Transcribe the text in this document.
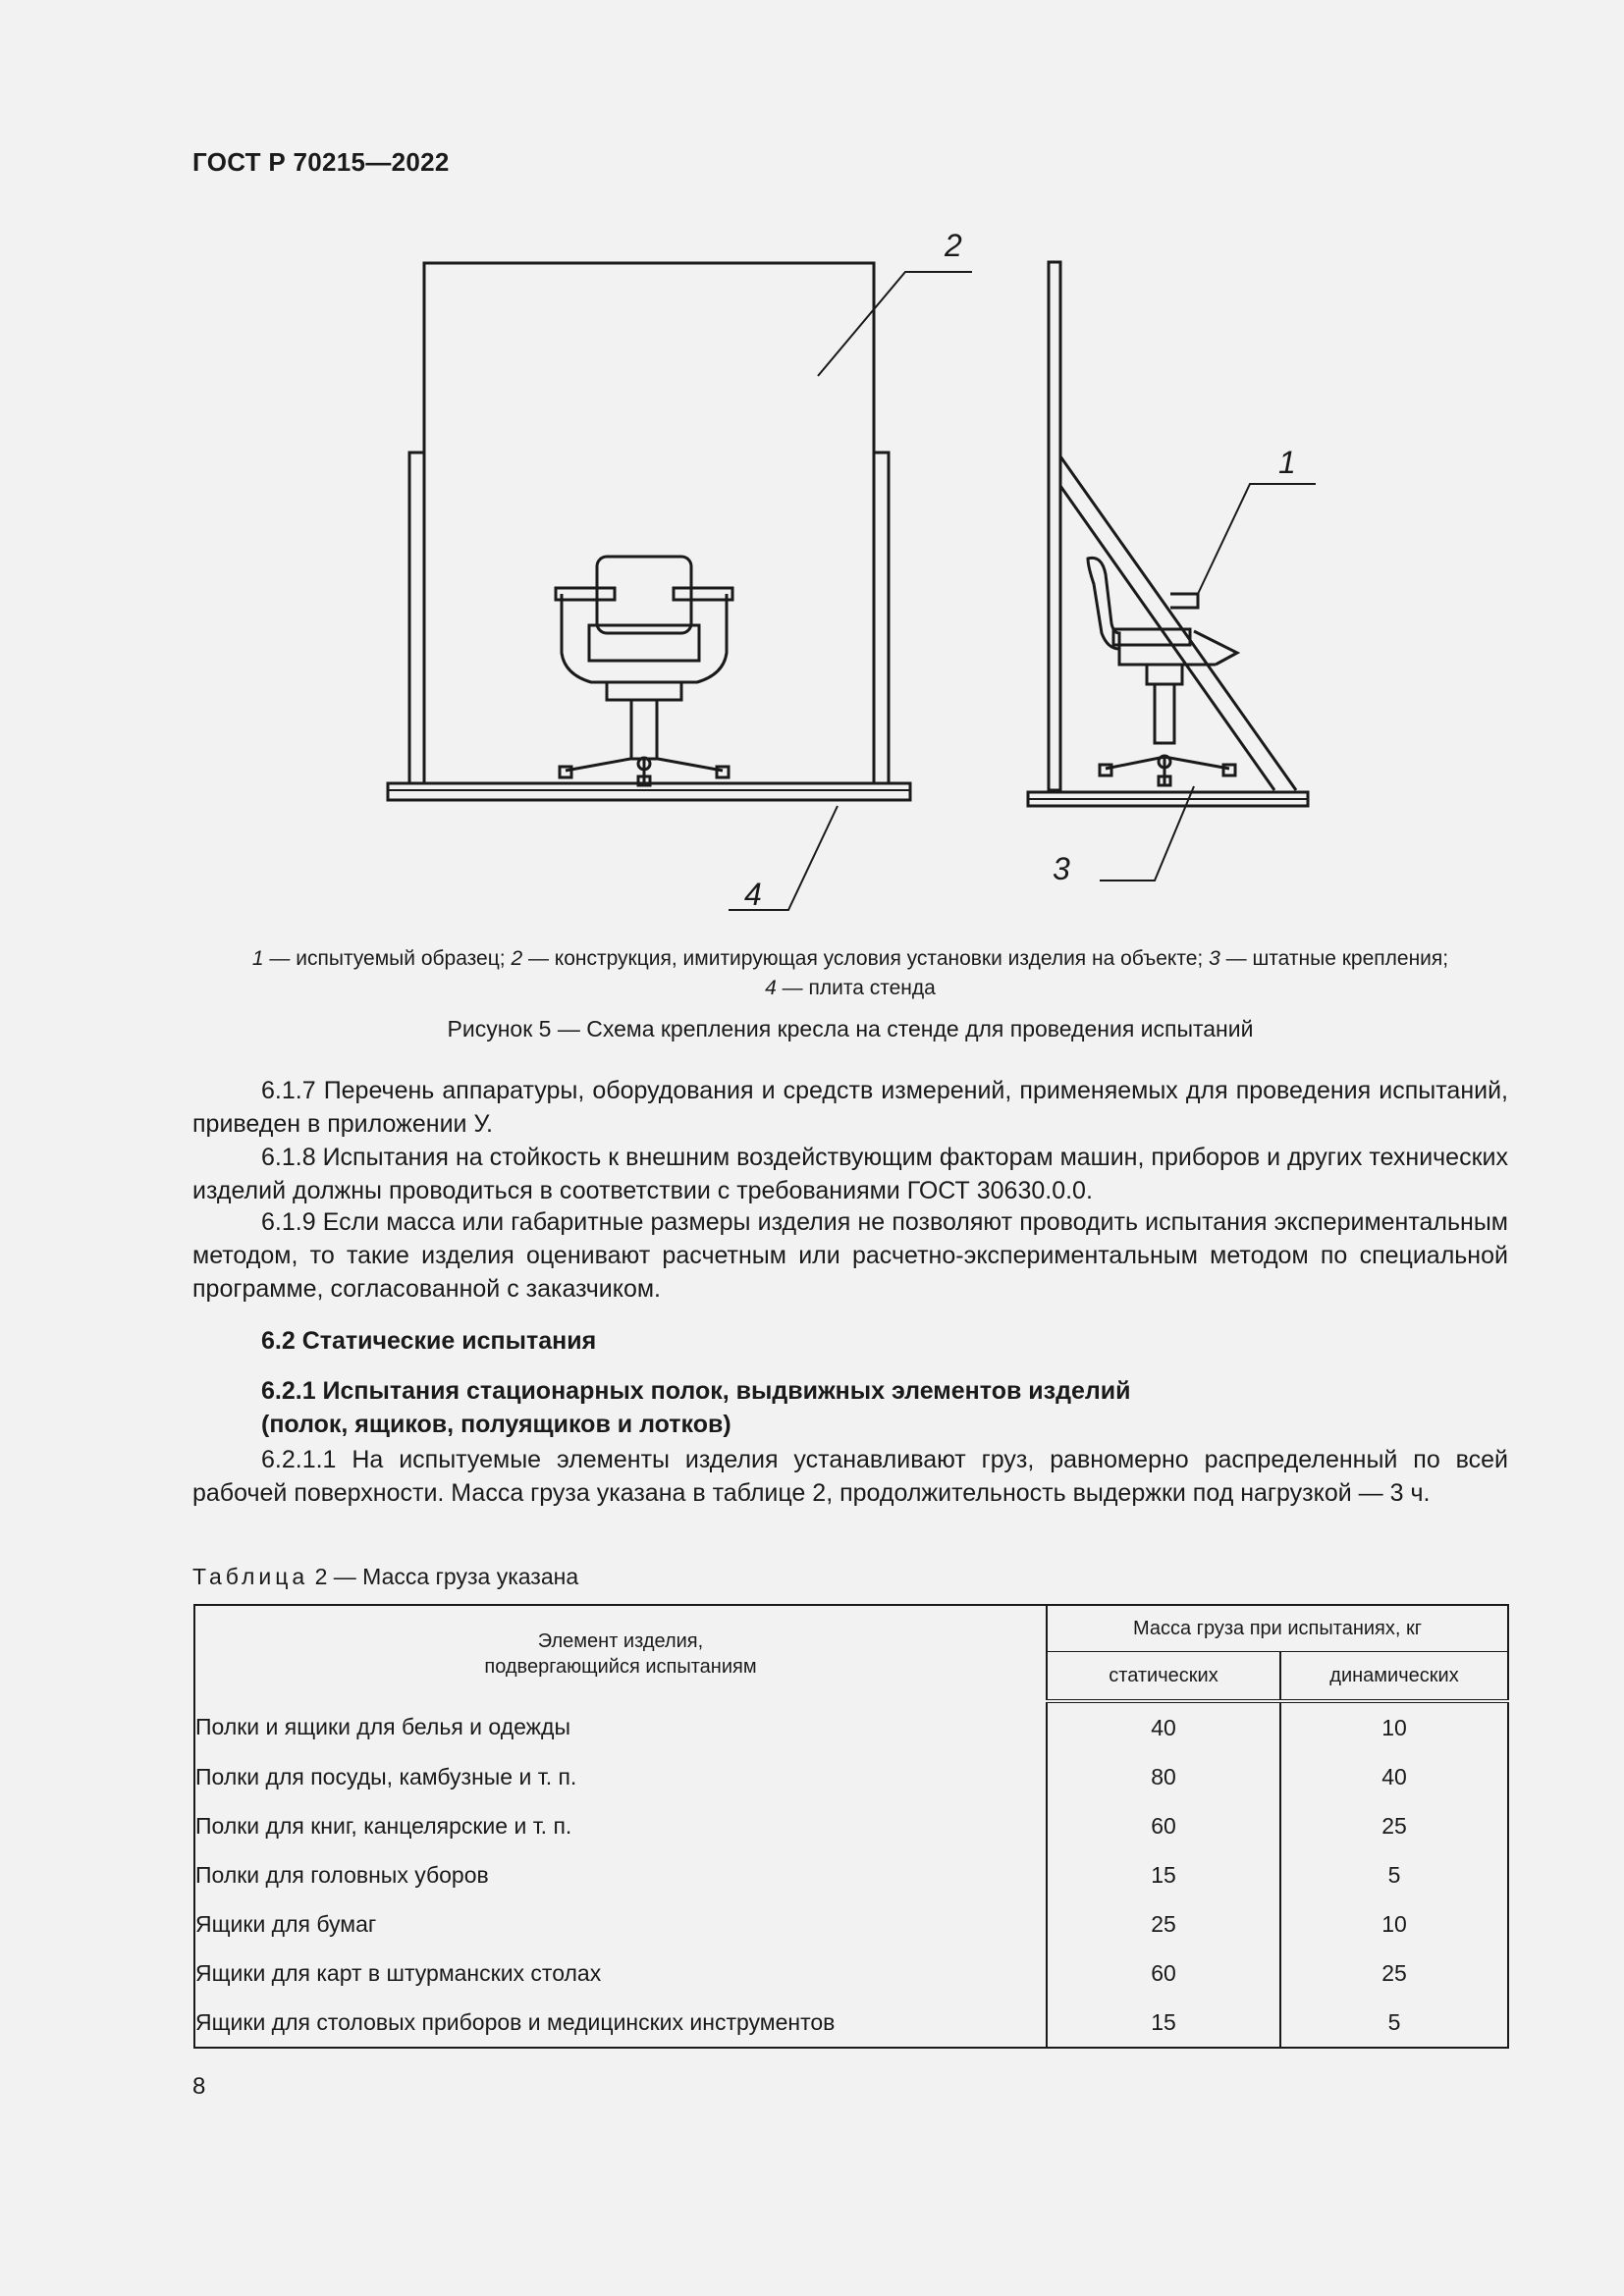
ГОСТ Р 70215—2022
2
1
3
4
1 — испытуемый образец; 2 — конструкция, имитирующая условия установки изделия на объекте; 3 — штатные крепления;
4 — плита стенда
Рисунок 5 — Схема крепления кресла на стенде для проведения испытаний

6.1.7 Перечень аппаратуры, оборудования и средств измерений, применяемых для проведения испытаний, приведен в приложении У.

6.1.8 Испытания на стойкость к внешним воздействующим факторам машин, приборов и других технических изделий должны проводиться в соответствии с требованиями ГОСТ 30630.0.0.

6.1.9 Если масса или габаритные размеры изделия не позволяют проводить испытания экспериментальным методом, то такие изделия оценивают расчетным или расчетно-экспериментальным методом по специальной программе, согласованной с заказчиком.

6.2 Статические испытания
6.2.1 Испытания стационарных полок, выдвижных элементов изделий
(полок, ящиков, полуящиков и лотков)

6.2.1.1 На испытуемые элементы изделия устанавливают груз, равномерно распределенный по всей рабочей поверхности. Масса груза указана в таблице 2, продолжительность выдержки под нагрузкой — 3 ч.

Таблица 2 — Масса груза указана
Элемент изделия,
подвергающийся испытаниям	Масса груза при испытаниях, кг	
	статических	динамических
Полки и ящики для белья и одежды	40	10
Полки для посуды, камбузные и т. п.	80	40
Полки для книг, канцелярские и т. п.	60	25
Полки для головных уборов	15	5
Ящики для бумаг	25	10
Ящики для карт в штурманских столах	60	25
Ящики для столовых приборов и медицинских инструментов	15	5
8
